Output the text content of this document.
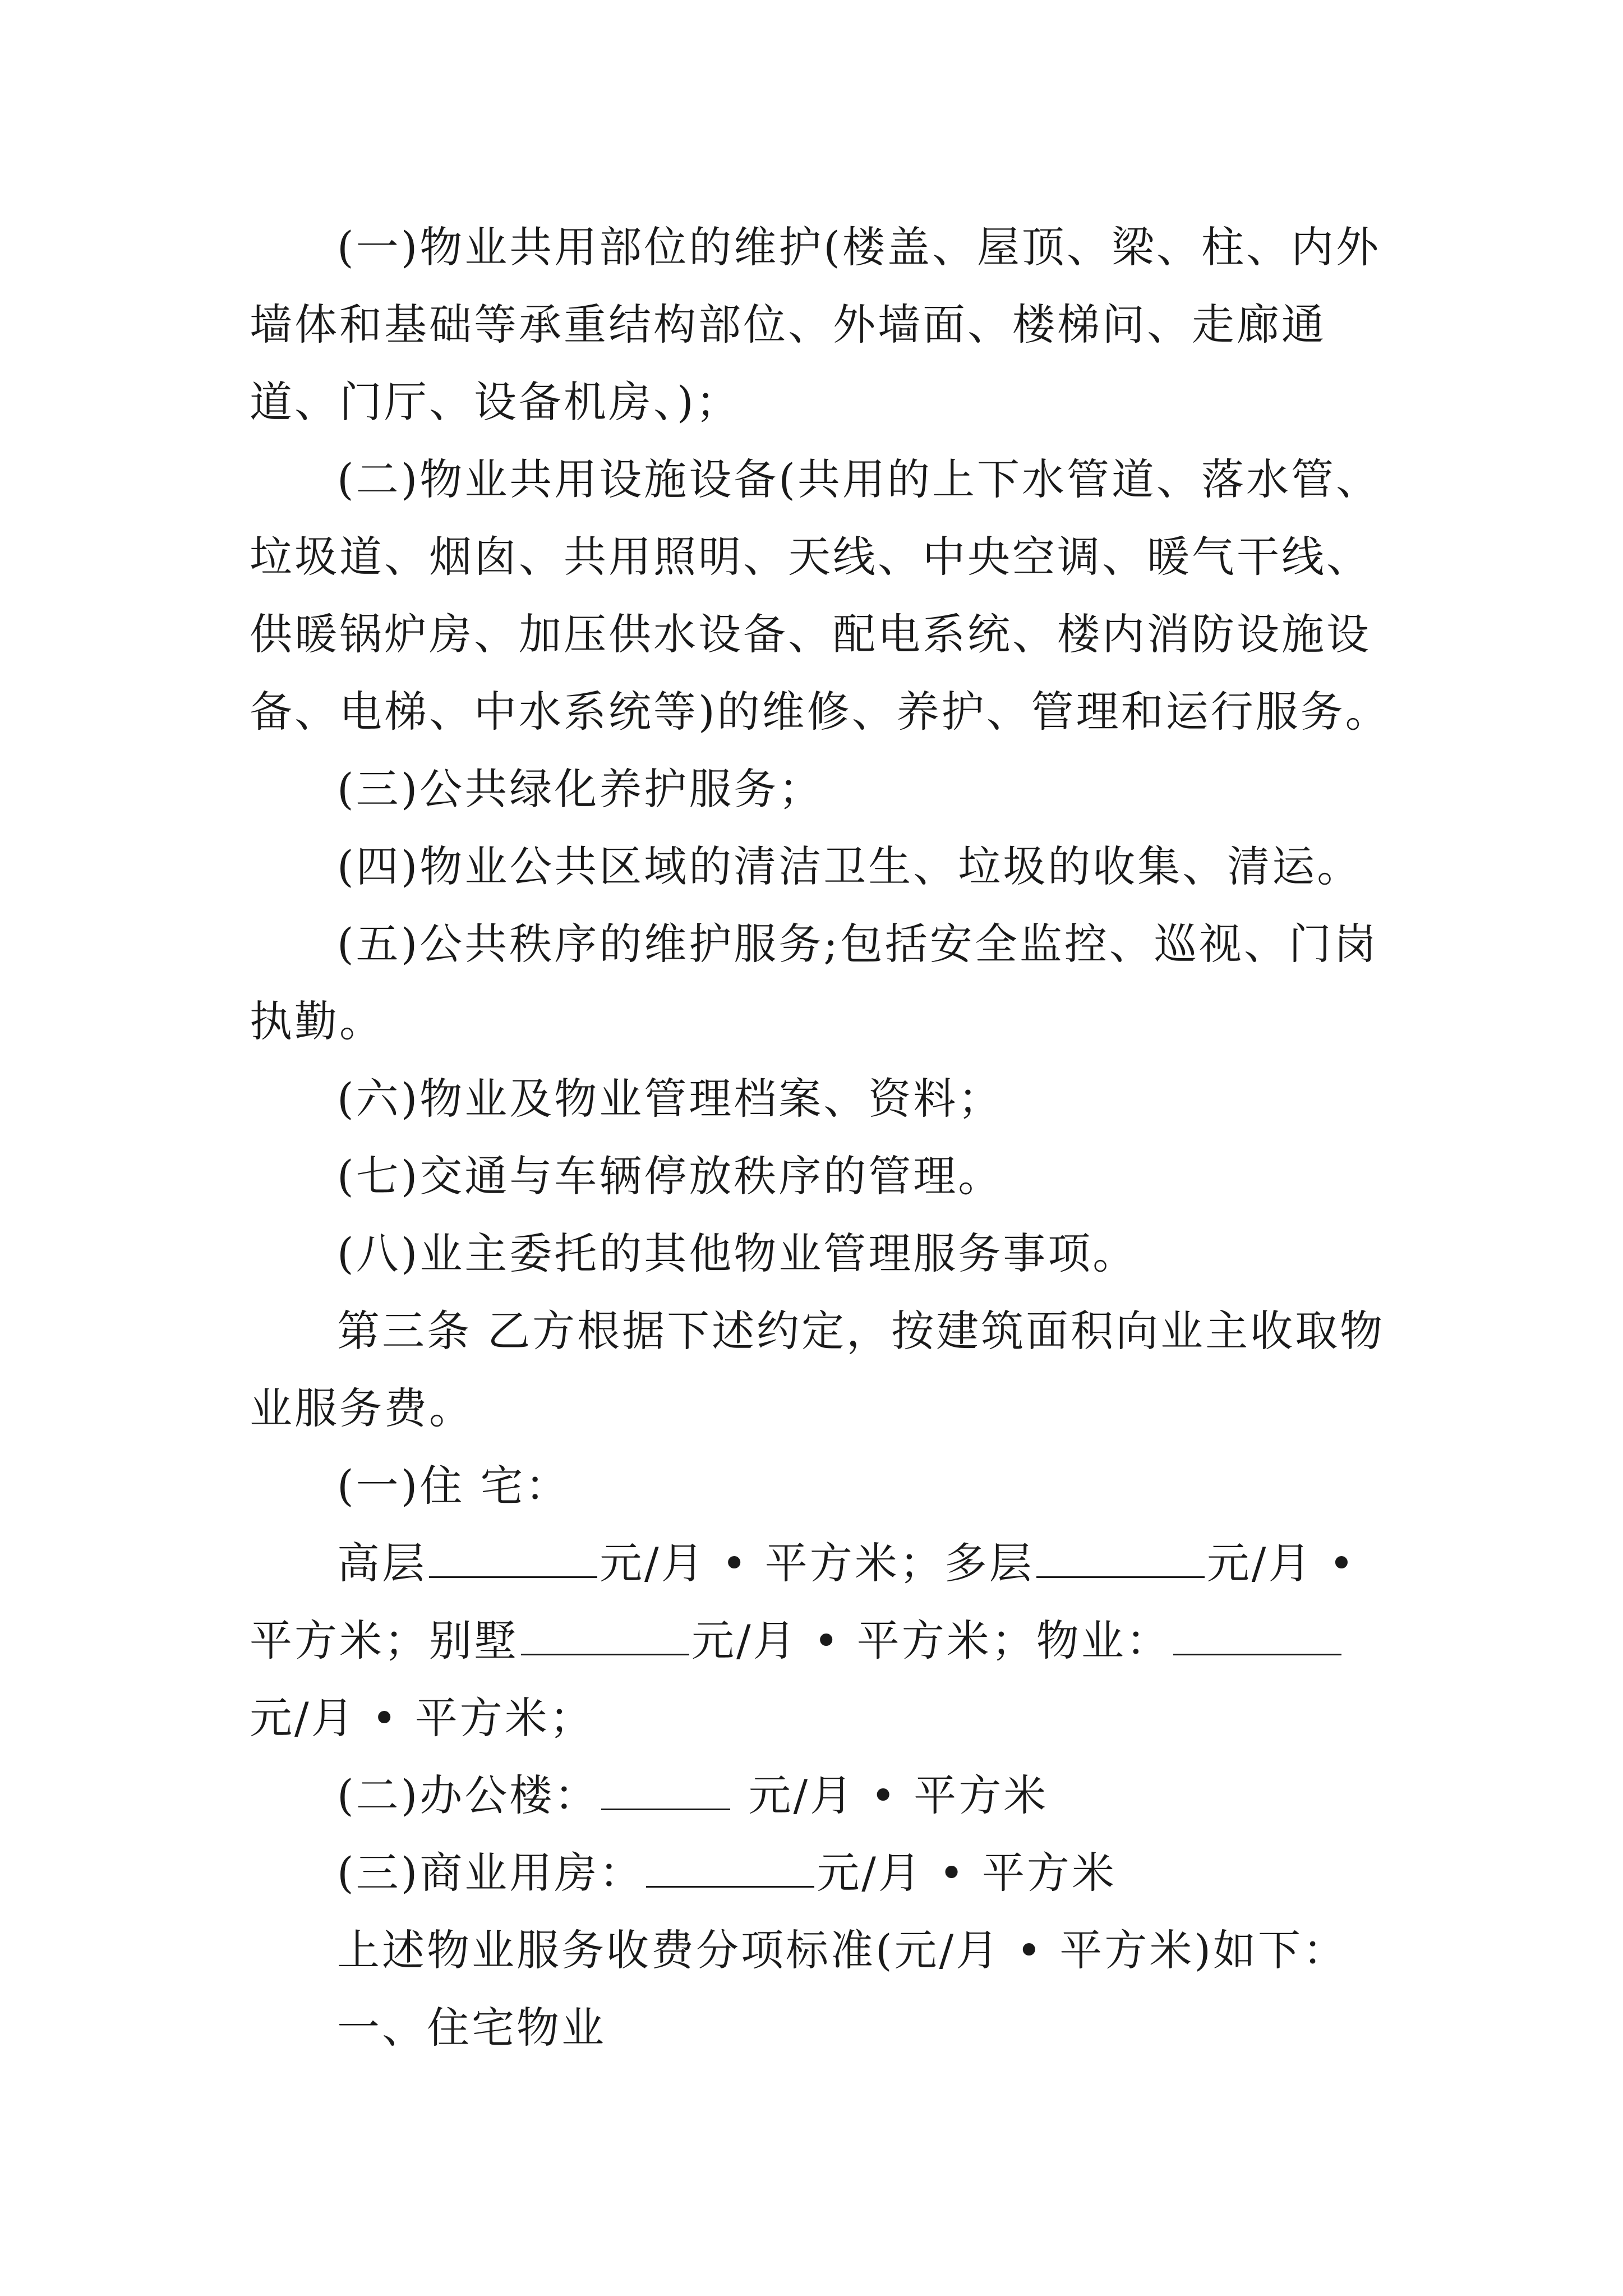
(一)物业共用部位的维护(楼盖、屋顶、梁、柱、内外墙体和基础等承重结构部位、外墙面、楼梯问、走廊通道、门厅、设备机房、)；

(二)物业共用设施设备(共用的上下水管道、落水管、垃圾道、烟囱、共用照明、天线、中央空调、暖气干线、供暖锅炉房、加压供水设备、配电系统、楼内消防设施设备、电梯、中水系统等)的维修、养护、管理和运行服务。

(三)公共绿化养护服务；

(四)物业公共区域的清洁卫生、垃圾的收集、清运。

(五)公共秩序的维护服务;包括安全监控、巡视、门岗执勤。

(六)物业及物业管理档案、资料；

(七)交通与车辆停放秩序的管理。

(八)业主委托的其他物业管理服务事项。

第三条 乙方根据下述约定，按建筑面积向业主收取物业服务费。

(一)住 宅：

高层	元/月 • 平方米；多层	元/月 • 平方米；别墅	元/月 • 平方米；物业：元/月 • 平方米；

(二)办公楼：	元/月 • 平方米

(三)商业用房：	元/月 • 平方米

上述物业服务收费分项标准(元/月 • 平方米)如下：

一、住宅物业
